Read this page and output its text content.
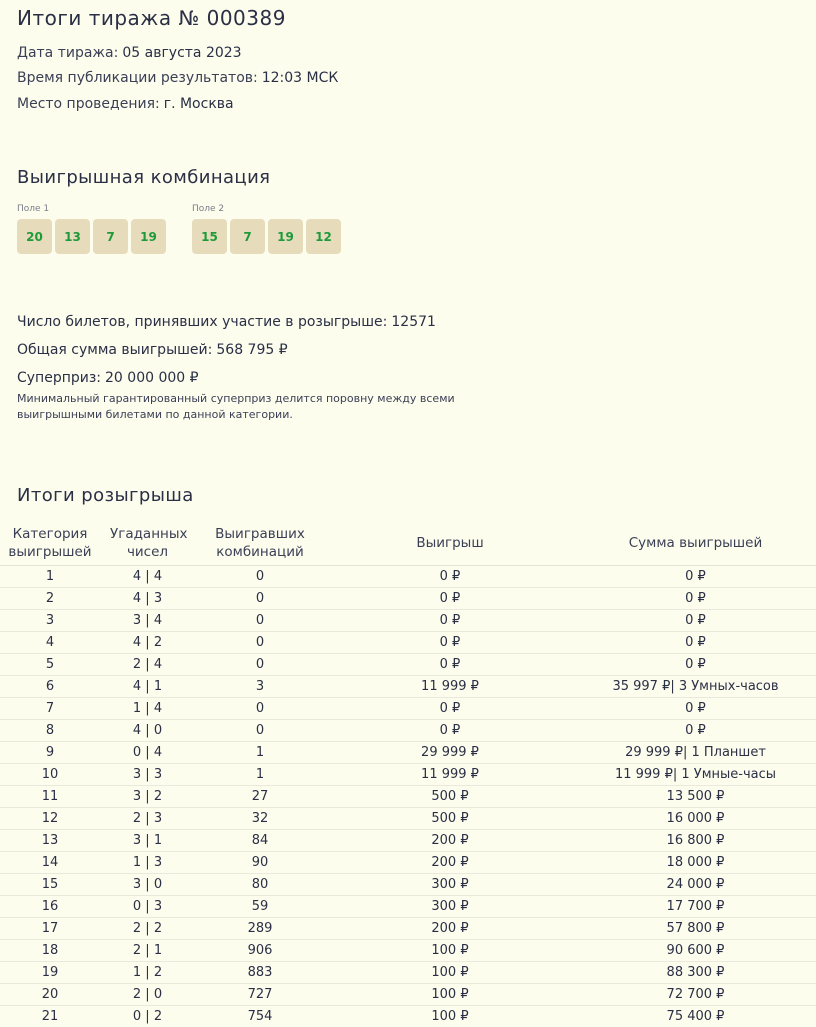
Итоги тиража № 000389
Дата тиража: 05 августа 2023
Время публикации результатов: 12:03 МСК
Место проведения: г. Москва
Выигрышная комбинация
Поле 1
20	13	7	19
Поле 2
15	7	19	12
Число билетов, принявших участие в розыгрыше: 12571
Общая сумма выигрышей: 568 795 ₽
Суперприз: 20 000 000 ₽
Минимальный гарантированный суперприз делится поровну между всеми выигрышными билетами по данной категории.
Итоги розыгрыша
Категория выигрышей	Угаданных чисел	Выигравших комбинаций	Выигрыш	Сумма выигрышей
1	4 | 4	0	0 ₽	0 ₽
2	4 | 3	0	0 ₽	0 ₽
3	3 | 4	0	0 ₽	0 ₽
4	4 | 2	0	0 ₽	0 ₽
5	2 | 4	0	0 ₽	0 ₽
6	4 | 1	3	11 999 ₽	35 997 ₽| 3 Умных-часов
7	1 | 4	0	0 ₽	0 ₽
8	4 | 0	0	0 ₽	0 ₽
9	0 | 4	1	29 999 ₽	29 999 ₽| 1 Планшет
10	3 | 3	1	11 999 ₽	11 999 ₽| 1 Умные-часы
11	3 | 2	27	500 ₽	13 500 ₽
12	2 | 3	32	500 ₽	16 000 ₽
13	3 | 1	84	200 ₽	16 800 ₽
14	1 | 3	90	200 ₽	18 000 ₽
15	3 | 0	80	300 ₽	24 000 ₽
16	0 | 3	59	300 ₽	17 700 ₽
17	2 | 2	289	200 ₽	57 800 ₽
18	2 | 1	906	100 ₽	90 600 ₽
19	1 | 2	883	100 ₽	88 300 ₽
20	2 | 0	727	100 ₽	72 700 ₽
21	0 | 2	754	100 ₽	75 400 ₽
